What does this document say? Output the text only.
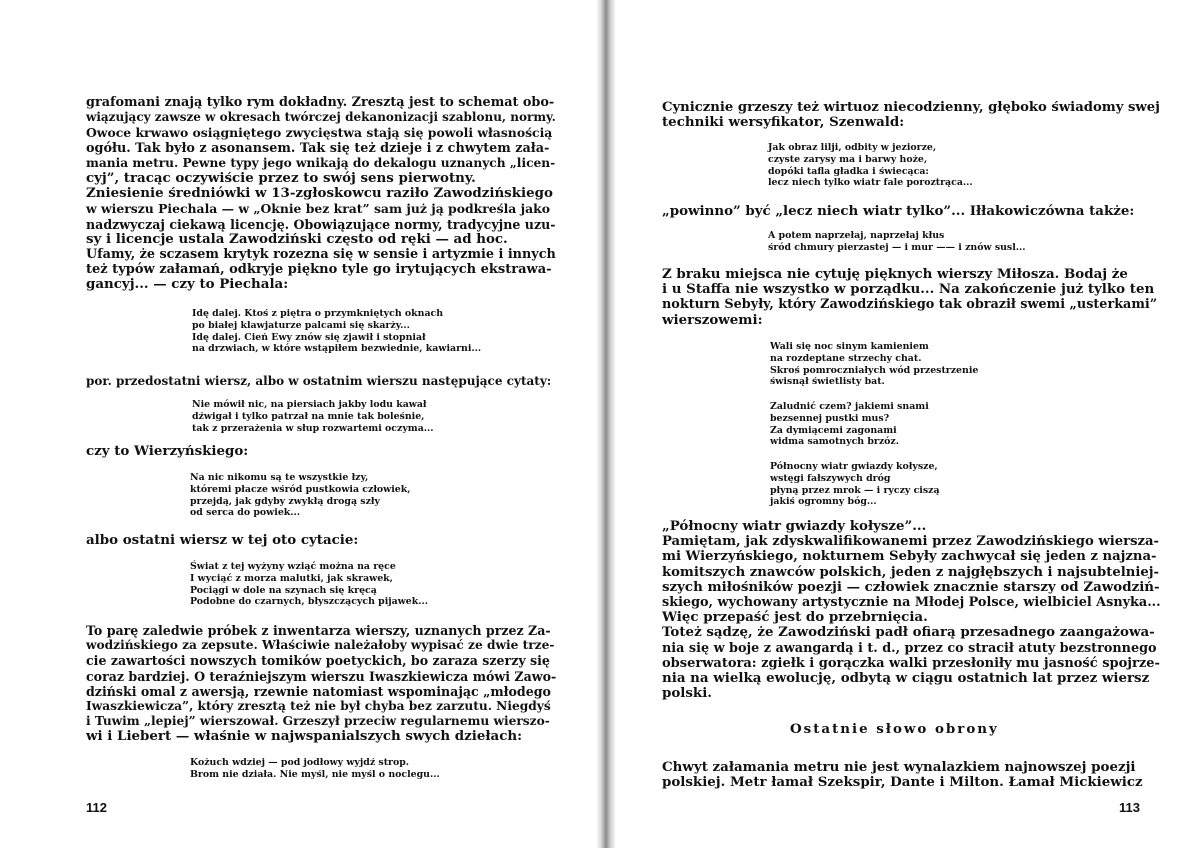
grafomani znają tylko rym dokładny. Zresztą jest to schemat obo-

wiązujący zawsze w okresach twórczej dekanonizacji szablonu, normy.

Owoce krwawo osiągniętego zwycięstwa stają się powoli własnością

ogółu. Tak było z asonansem. Tak się też dzieje i z chwytem zała-

mania metru. Pewne typy jego wnikają do dekalogu uznanych „licen-

cyj”, tracąc oczywiście przez to swój sens pierwotny.

Zniesienie średniówki w 13-zgłoskowcu raziło Zawodzińskiego

w wierszu Piechala — w „Oknie bez krat” sam już ją podkreśla jako

nadzwyczaj ciekawą licencję. Obowiązujące normy, tradycyjne uzu-

sy i licencje ustala Zawodziński często od ręki — ad hoc.

Ufamy, że sczasem krytyk rozezna się w sensie i artyzmie i innych

też typów załamań, odkryje piękno tyle go irytujących ekstrawa-

gancyj... — czy to Piechala:

Idę dalej. Ktoś z piętra o przymkniętych oknach

po białej klawjaturze palcami się skarży...

Idę dalej. Cień Ewy znów się zjawił i stopniał

na drzwiach, w które wstąpiłem bezwiednie, kawiarni...

por. przedostatni wiersz, albo w ostatnim wierszu następujące cytaty:

Nie mówił nic, na piersiach jakby lodu kawał

dźwigał i tylko patrzał na mnie tak boleśnie,

tak z przerażenia w słup rozwartemi oczyma...

czy to Wierzyńskiego:

Na nic nikomu są te wszystkie łzy,

któremi płacze wśród pustkowia człowiek,

przejdą, jak gdyby zwykłą drogą szły

od serca do powiek...

albo ostatni wiersz w tej oto cytacie:

Świat z tej wyżyny wziąć można na ręce

I wyciąć z morza malutki, jak skrawek,

Pociągi w dole na szynach się kręcą

Podobne do czarnych, błyszczących pijawek...

To parę zaledwie próbek z inwentarza wierszy, uznanych przez Za-

wodzińskiego za zepsute. Właściwie należałoby wypisać ze dwie trze-

cie zawartości nowszych tomików poetyckich, bo zaraza szerzy się

coraz bardziej. O teraźniejszym wierszu Iwaszkiewicza mówi Zawo-

dziński omal z awersją, rzewnie natomiast wspominając „młodego

Iwaszkiewicza”, który zresztą też nie był chyba bez zarzutu. Niegdyś

i Tuwim „lepiej” wierszował. Grzeszył przeciw regularnemu wierszo-

wi i Liebert — właśnie w najwspanialszych swych dziełach:

Kożuch wdziej — pod jodłowy wyjdź strop.

Brom nie działa. Nie myśl, nie myśl o noclegu...

112

Cynicznie grzeszy też wirtuoz niecodzienny, głęboko świadomy swej

techniki wersyfikator, Szenwald:

Jak obraz lilji, odbity w jeziorze,

czyste zarysy ma i barwy hoże,

dopóki tafla gładka i świecąca:

lecz niech tylko wiatr fale poroztrąca...

„powinno” być „lecz niech wiatr tylko”... Iłłakowiczówna także:

A potem naprzełaj, naprzełaj kłus

śród chmury pierzastej — i mur —— i znów susl...

Z braku miejsca nie cytuję pięknych wierszy Miłosza. Bodaj że

i u Staffa nie wszystko w porządku... Na zakończenie już tylko ten

nokturn Sebyły, który Zawodzińskiego tak obraził swemi „usterkami”

wierszowemi:

Wali się noc sinym kamieniem

na rozdeptane strzechy chat.

Skroś pomroczniałych wód przestrzenie

świsnął świetlisty bat.

Zaludnić czem? jakiemi snami

bezsennej pustki mus?

Za dymiącemi zagonami

widma samotnych brzóz.

Północny wiatr gwiazdy kołysze,

wstęgi fałszywych dróg

płyną przez mrok — i ryczy ciszą

jakiś ogromny bóg...

„Północny wiatr gwiazdy kołysze”...

Pamiętam, jak zdyskwalifikowanemi przez Zawodzińskiego wiersza-

mi Wierzyńskiego, nokturnem Sebyły zachwycał się jeden z najzna-

komitszych znawców polskich, jeden z najgłębszych i najsubtelniej-

szych miłośników poezji — człowiek znacznie starszy od Zawodziń-

skiego, wychowany artystycznie na Młodej Polsce, wielbiciel Asnyka...

Więc przepaść jest do przebrnięcia.

Toteż sądzę, że Zawodziński padł ofiarą przesadnego zaangażowa-

nia się w boje z awangardą i t. d., przez co stracił atuty bezstronnego

obserwatora: zgiełk i gorączka walki przesłoniły mu jasność spojrze-

nia na wielką ewolucję, odbytą w ciągu ostatnich lat przez wiersz

polski.

Ostatnie słowo obrony

Chwyt załamania metru nie jest wynalazkiem najnowszej poezji

polskiej. Metr łamał Szekspir, Dante i Milton. Łamał Mickiewicz

113
